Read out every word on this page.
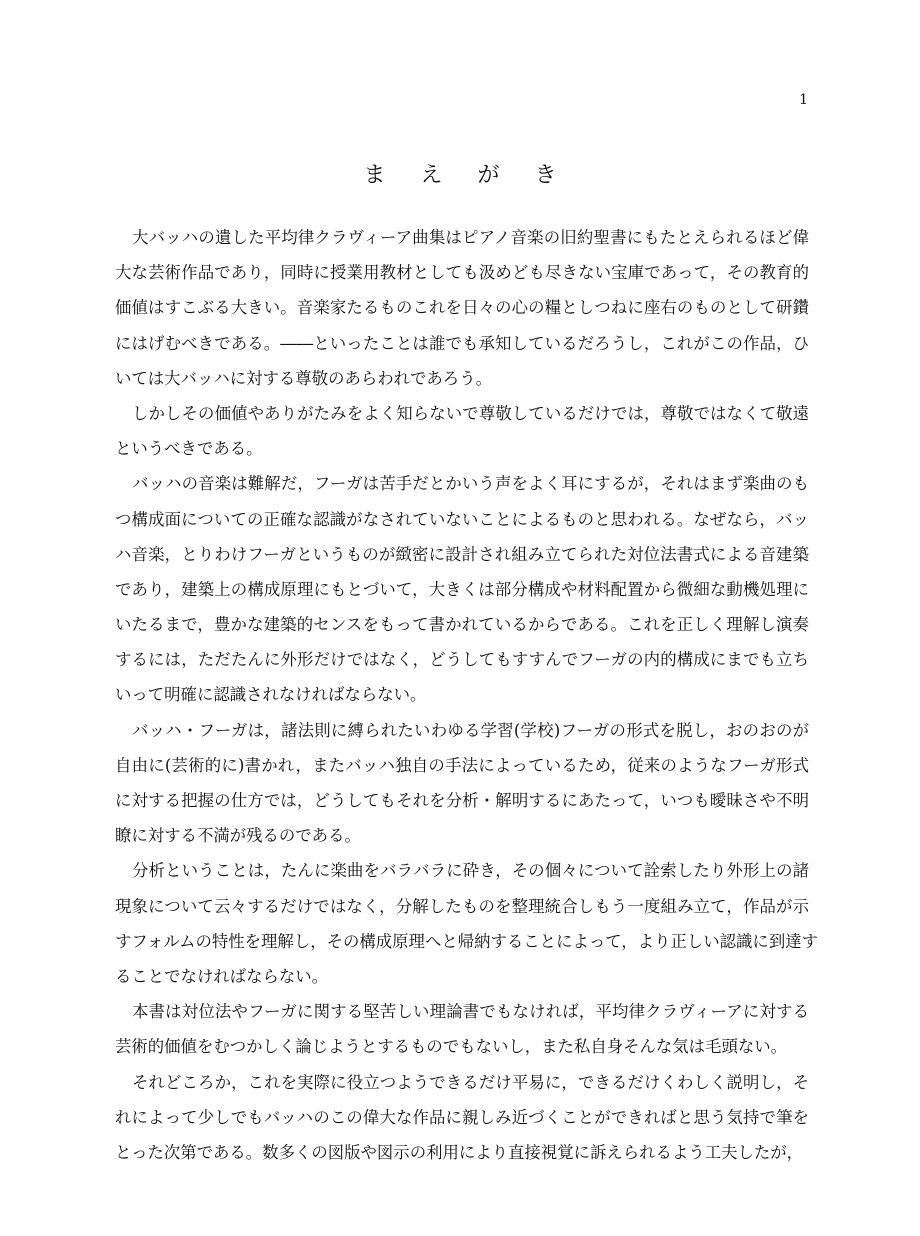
1
ま え が き
大バッハの遺した平均律クラヴィーア曲集はピアノ音楽の旧約聖書にもたとえられるほど偉
大な芸術作品であり，同時に授業用教材としても汲めども尽きない宝庫であって，その教育的
価値はすこぶる大きい。音楽家たるものこれを日々の心の糧としつねに座右のものとして研鑽
にはげむべきである。――といったことは誰でも承知しているだろうし，これがこの作品，ひ
いては大バッハに対する尊敬のあらわれであろう。
しかしその価値やありがたみをよく知らないで尊敬しているだけでは，尊敬ではなくて敬遠
というべきである。
バッハの音楽は難解だ，フーガは苦手だとかいう声をよく耳にするが，それはまず楽曲のも
つ構成面についての正確な認識がなされていないことによるものと思われる。なぜなら，バッ
ハ音楽，とりわけフーガというものが緻密に設計され組み立てられた対位法書式による音建築
であり，建築上の構成原理にもとづいて，大きくは部分構成や材料配置から微細な動機処理に
いたるまで，豊かな建築的センスをもって書かれているからである。これを正しく理解し演奏
するには，ただたんに外形だけではなく，どうしてもすすんでフーガの内的構成にまでも立ち
いって明確に認識されなければならない。
バッハ・フーガは，諸法則に縛られたいわゆる学習(学校)フーガの形式を脱し，おのおのが
自由に(芸術的に)書かれ，またバッハ独自の手法によっているため，従来のようなフーガ形式
に対する把握の仕方では，どうしてもそれを分析・解明するにあたって，いつも曖昧さや不明
瞭に対する不満が残るのである。
分析ということは，たんに楽曲をバラバラに砕き，その個々について詮索したり外形上の諸
現象について云々するだけではなく，分解したものを整理統合しもう一度組み立て，作品が示
すフォルムの特性を理解し，その構成原理へと帰納することによって，より正しい認識に到達す
ることでなければならない。
本書は対位法やフーガに関する堅苦しい理論書でもなければ，平均律クラヴィーアに対する
芸術的価値をむつかしく論じようとするものでもないし，また私自身そんな気は毛頭ない。
それどころか，これを実際に役立つようできるだけ平易に，できるだけくわしく説明し，そ
れによって少しでもバッハのこの偉大な作品に親しみ近づくことができればと思う気持で筆を
とった次第である。数多くの図版や図示の利用により直接視覚に訴えられるよう工夫したが，
